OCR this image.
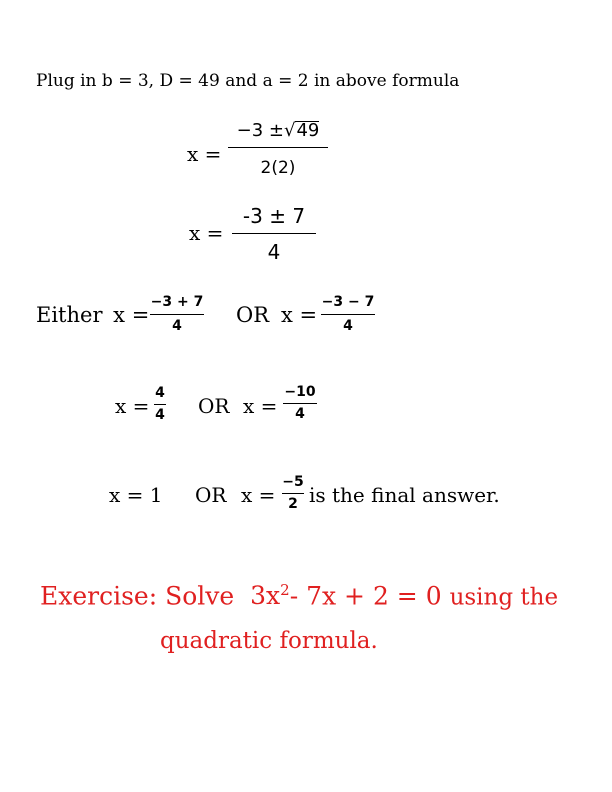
Plug in b = 3, D = 49 and a = 2 in above formula
x =
−3 ±√49
2(2)
x =
-3 ± 7
4
Either x =
−3 + 7
4	OR x =
−3 − 7
4
x =
4
4 OR x =
−10
4
x = 1 OR x =
−5
2 is the final answer.
Exercise: Solve $3x^2-$ 7x + 2 = 0 using the
quadratic formula.
